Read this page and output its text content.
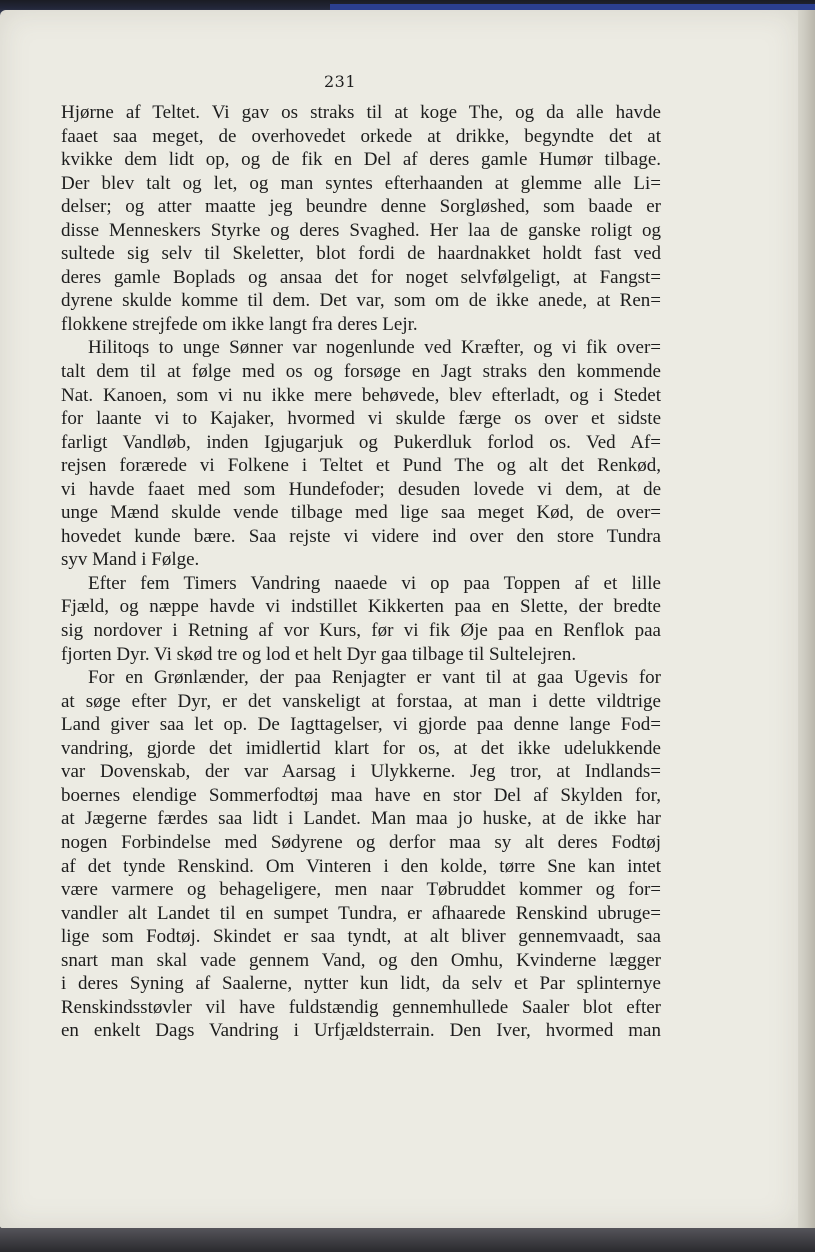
231
Hjørne af Teltet. Vi gav os straks til at koge The, og da alle havde
faaet saa meget, de overhovedet orkede at drikke, begyndte det at
kvikke dem lidt op, og de fik en Del af deres gamle Humør tilbage.
Der blev talt og let, og man syntes efterhaanden at glemme alle Li=
delser; og atter maatte jeg beundre denne Sorgløshed, som baade er
disse Menneskers Styrke og deres Svaghed. Her laa de ganske roligt og
sultede sig selv til Skeletter, blot fordi de haardnakket holdt fast ved
deres gamle Boplads og ansaa det for noget selvfølgeligt, at Fangst=
dyrene skulde komme til dem. Det var, som om de ikke anede, at Ren=
flokkene strejfede om ikke langt fra deres Lejr.
Hilitoqs to unge Sønner var nogenlunde ved Kræfter, og vi fik over=
talt dem til at følge med os og forsøge en Jagt straks den kommende
Nat. Kanoen, som vi nu ikke mere behøvede, blev efterladt, og i Stedet
for laante vi to Kajaker, hvormed vi skulde færge os over et sidste
farligt Vandløb, inden Igjugarjuk og Pukerdluk forlod os. Ved Af=
rejsen forærede vi Folkene i Teltet et Pund The og alt det Renkød,
vi havde faaet med som Hundefoder; desuden lovede vi dem, at de
unge Mænd skulde vende tilbage med lige saa meget Kød, de over=
hovedet kunde bære. Saa rejste vi videre ind over den store Tundra
syv Mand i Følge.
Efter fem Timers Vandring naaede vi op paa Toppen af et lille
Fjæld, og næppe havde vi indstillet Kikkerten paa en Slette, der bredte
sig nordover i Retning af vor Kurs, før vi fik Øje paa en Renflok paa
fjorten Dyr. Vi skød tre og lod et helt Dyr gaa tilbage til Sultelejren.
For en Grønlænder, der paa Renjagter er vant til at gaa Ugevis for
at søge efter Dyr, er det vanskeligt at forstaa, at man i dette vildtrige
Land giver saa let op. De Iagttagelser, vi gjorde paa denne lange Fod=
vandring, gjorde det imidlertid klart for os, at det ikke udelukkende
var Dovenskab, der var Aarsag i Ulykkerne. Jeg tror, at Indlands=
boernes elendige Sommerfodtøj maa have en stor Del af Skylden for,
at Jægerne færdes saa lidt i Landet. Man maa jo huske, at de ikke har
nogen Forbindelse med Sødyrene og derfor maa sy alt deres Fodtøj
af det tynde Renskind. Om Vinteren i den kolde, tørre Sne kan intet
være varmere og behageligere, men naar Tøbruddet kommer og for=
vandler alt Landet til en sumpet Tundra, er afhaarede Renskind ubruge=
lige som Fodtøj. Skindet er saa tyndt, at alt bliver gennemvaadt, saa
snart man skal vade gennem Vand, og den Omhu, Kvinderne lægger
i deres Syning af Saalerne, nytter kun lidt, da selv et Par splinternye
Renskindsstøvler vil have fuldstændig gennemhullede Saaler blot efter
en enkelt Dags Vandring i Urfjældsterrain. Den Iver, hvormed man
